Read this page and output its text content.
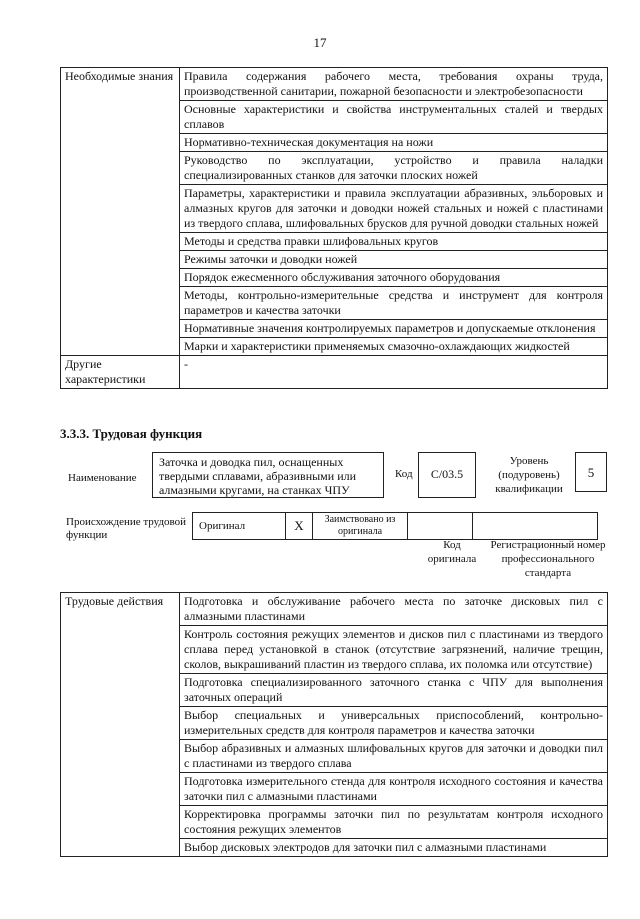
17
Необходимые знания	Правила содержания рабочего места, требования охраны труда, производственной санитарии, пожарной безопасности и электробезопасности
	Основные характеристики и свойства инструментальных сталей и твердых сплавов
	Нормативно-техническая документация на ножи
	Руководство по эксплуатации, устройство и правила наладки специализированных станков для заточки плоских ножей
	Параметры, характеристики и правила эксплуатации абразивных, эльборовых и алмазных кругов для заточки и доводки ножей стальных и ножей с пластинами из твердого сплава, шлифовальных брусков для ручной доводки стальных ножей
	Методы и средства правки шлифовальных кругов
	Режимы заточки и доводки ножей
	Порядок ежесменного обслуживания заточного оборудования
	Методы, контрольно-измерительные средства и инструмент для контроля параметров и качества заточки
	Нормативные значения контролируемых параметров и допускаемые отклонения
	Марки и характеристики применяемых смазочно-охлаждающих жидкостей
Другие характеристики	-
3.3.3. Трудовая функция
Наименование
Заточка и доводка пил, оснащенных твердыми сплавами, абразивными или алмазными кругами, на станках ЧПУ
Код	С/03.5
Уровень (подуровень) квалификации
5
Происхождение трудовой функции
Оригинал	X	Заимствовано из оригинала		
Код оригинала
Регистрационный номер профессионального стандарта
Трудовые действия	Подготовка и обслуживание рабочего места по заточке дисковых пил с алмазными пластинами
Контроль состояния режущих элементов и дисков пил с пластинами из твердого сплава перед установкой в станок (отсутствие загрязнений, наличие трещин, сколов, выкрашиваний пластин из твердого сплава, их поломка или отсутствие)
Подготовка специализированного заточного станка с ЧПУ для выполнения заточных операций
Выбор специальных и универсальных приспособлений, контрольно-измерительных средств для контроля параметров и качества заточки
Выбор абразивных и алмазных шлифовальных кругов для заточки и доводки пил с пластинами из твердого сплава
Подготовка измерительного стенда для контроля исходного состояния и качества заточки пил с алмазными пластинами
Корректировка программы заточки пил по результатам контроля исходного состояния режущих элементов
Выбор дисковых электродов для заточки пил с алмазными пластинами
